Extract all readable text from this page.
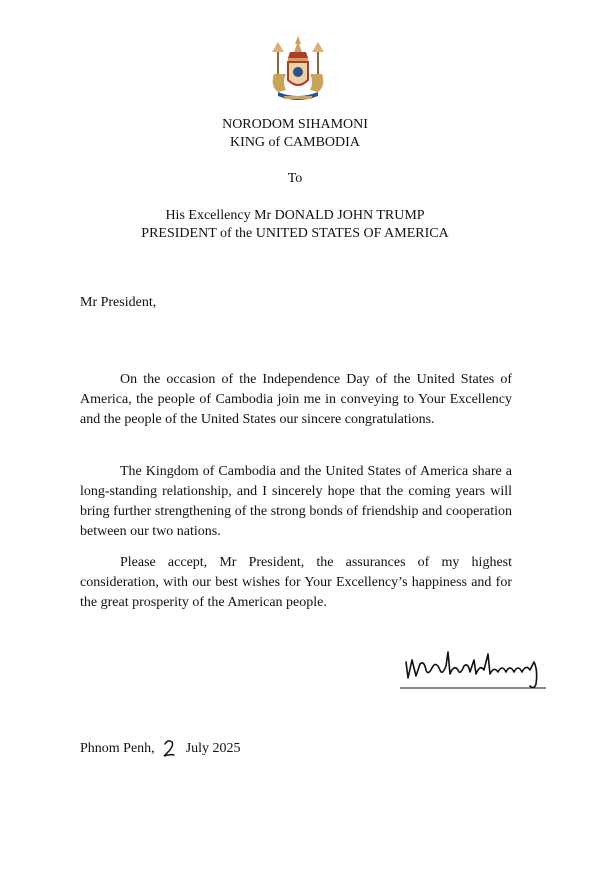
NORODOM SIHAMONI
KING of CAMBODIA
To
His Excellency Mr DONALD JOHN TRUMP
PRESIDENT of the UNITED STATES OF AMERICA
Mr President,

On the occasion of the Independence Day of the United States of America, the people of Cambodia join me in conveying to Your Excellency and the people of the United States our sincere congratulations.

The Kingdom of Cambodia and the United States of America share a long-standing relationship, and I sincerely hope that the coming years will bring further strengthening of the strong bonds of friendship and cooperation between our two nations.

Please accept, Mr President, the assurances of my highest consideration, with our best wishes for Your Excellency’s happiness and for the great prosperity of the American people.

Phnom Penh, July 2025
